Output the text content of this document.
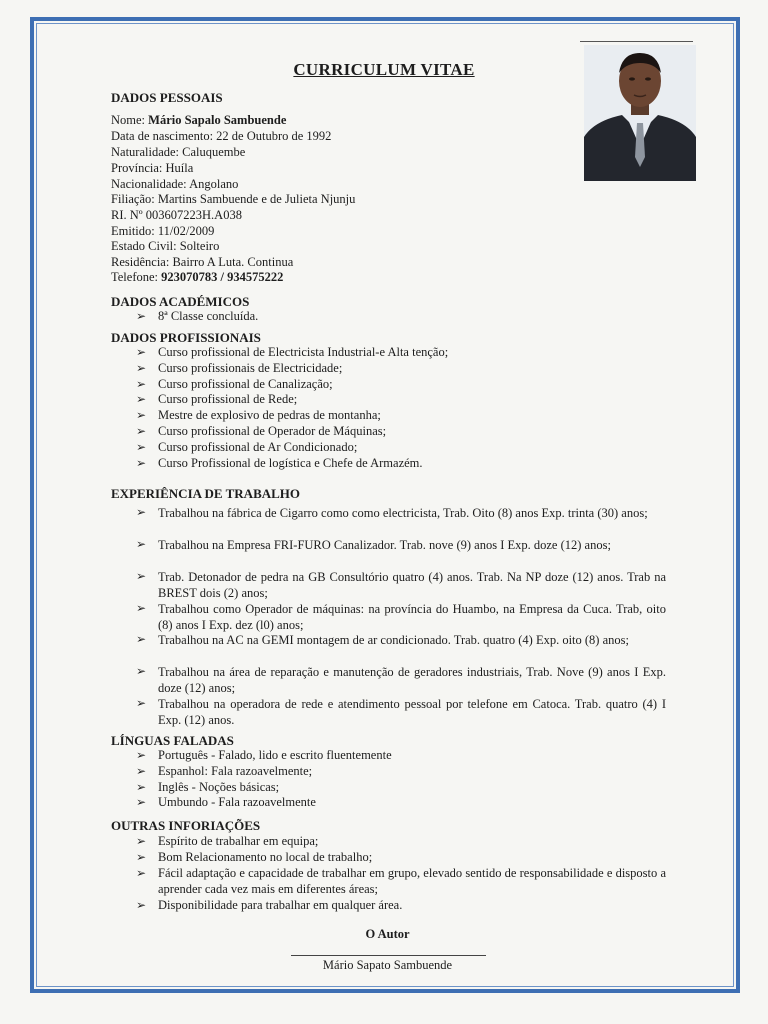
CURRICULUM VITAE
DADOS PESSOAIS
Nome: Mário Sapalo Sambuende
Data de nascimento: 22 de Outubro de 1992
Naturalidade: Caluquembe
Província: Huíla
Nacionalidade: Angolano
Filiação: Martins Sambuende e de Julieta Njunju
RI. Nº 003607223H.A038
Emitido: 11/02/2009
Estado Civil: Solteiro
Residência: Bairro A Luta. Continua
Telefone: 923070783 / 934575222
DADOS ACADÉMICOS
➢ 8ª Classe concluída.
DADOS PROFISSIONAIS
➢ Curso profissional de Electricista Industrial-e Alta tenção;
➢ Curso profissionais de Electricidade;
➢ Curso profissional de Canalização;
➢ Curso profissional de Rede;
➢ Mestre de explosivo de pedras de montanha;
➢ Curso profissional de Operador de Máquinas;
➢ Curso profissional de Ar Condicionado;
➢ Curso Profissional de logística e Chefe de Armazém.
EXPERIÊNCIA DE TRABALHO
➢ Trabalhou na fábrica de Cigarro como como electricista, Trab. Oito (8) anos Exp. trinta (30) anos;
➢ Trabalhou na Empresa FRI-FURO Canalizador. Trab. nove (9) anos I Exp. doze (12) anos;
➢ Trab. Detonador de pedra na GB Consultório quatro (4) anos. Trab. Na NP doze (12) anos. Trab na BREST dois (2) anos;
➢ Trabalhou como Operador de máquinas: na província do Huambo, na Empresa da Cuca. Trab, oito (8) anos I Exp. dez (l0) anos;
➢ Trabalhou na AC na GEMI montagem de ar condicionado. Trab. quatro (4) Exp. oito (8) anos;
➢ Trabalhou na área de reparação e manutenção de geradores industriais, Trab. Nove (9) anos I Exp. doze (12) anos;
➢ Trabalhou na operadora de rede e atendimento pessoal por telefone em Catoca. Trab. quatro (4) I Exp. (12) anos.
LÍNGUAS FALADAS
➢ Português - Falado, lido e escrito fluentemente
➢ Espanhol: Fala razoavelmente;
➢ Inglês - Noções básicas;
➢ Umbundo - Fala razoavelmente
OUTRAS INFORIAÇÕES
➢ Espírito de trabalhar em equipa;
➢ Bom Relacionamento no local de trabalho;
➢ Fácil adaptação e capacidade de trabalhar em grupo, elevado sentido de responsabilidade e disposto a aprender cada vez mais em diferentes áreas;
➢ Disponibilidade para trabalhar em qualquer área.
O Autor
Mário Sapato Sambuende
